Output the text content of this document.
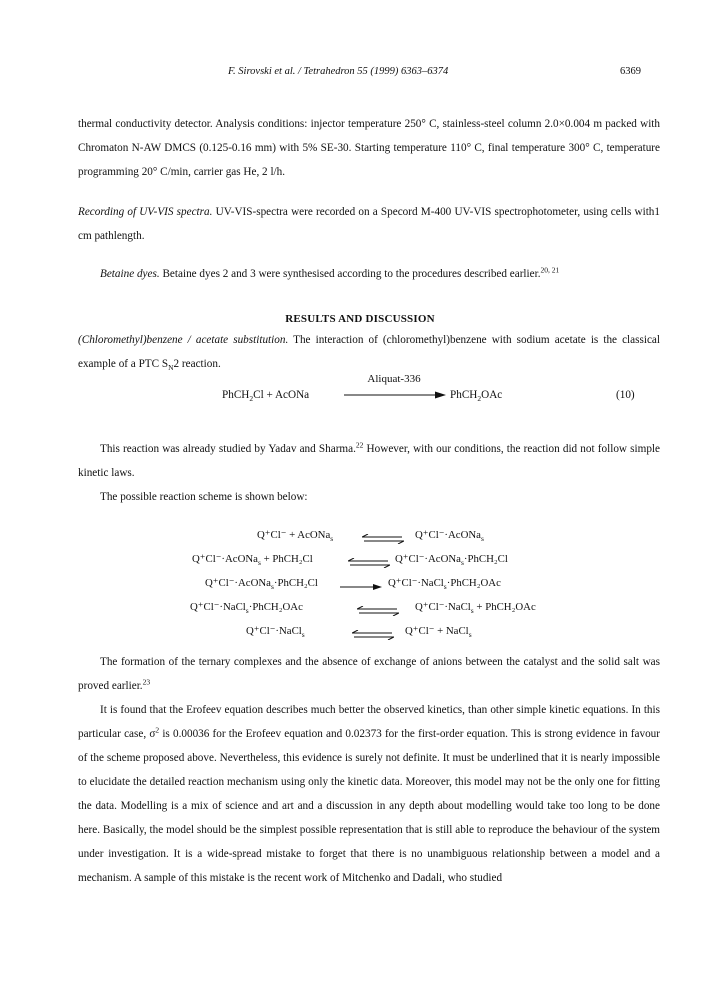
F. Sirovski et al. / Tetrahedron 55 (1999) 6363–6374	6369

thermal conductivity detector. Analysis conditions: injector temperature 250° C, stainless-steel column 2.0×0.004 m packed with Chromaton N-AW DMCS (0.125-0.16 mm) with 5% SE-30. Starting temperature 110° C, final temperature 300° C, temperature programming 20° C/min, carrier gas He, 2 l/h.

Recording of UV-VIS spectra. UV-VIS-spectra were recorded on a Specord M-400 UV-VIS spectrophotometer, using cells with1 cm pathlength.

Betaine dyes. Betaine dyes 2 and 3 were synthesised according to the procedures described earlier.$^{20, 21}$

RESULTS AND DISCUSSION

(Chloromethyl)benzene / acetate substitution. The interaction of (chloromethyl)benzene with sodium acetate is the classical example of a PTC $S_N2$ reaction.

PhCH$_2$Cl + AcONa
Aliquat-336
PhCH$_2$OAc	(10)

This reaction was already studied by Yadav and Sharma.$^{22}$ However, with our conditions, the reaction did not follow simple kinetic laws.

The possible reaction scheme is shown below:

Q⁺Cl⁻ + AcONa$_s$	⇌ Q⁺Cl⁻·AcONa$_s$
Q⁺Cl⁻·AcONa$_s$ + PhCH₂Cl	⇌ Q⁺Cl⁻·AcONa$_s$·PhCH₂Cl
Q⁺Cl⁻·AcONa$_s$·PhCH₂Cl	Q⁺Cl⁻·NaCl$_s$·PhCH₂OAc
Q⁺Cl⁻·NaCl$_s$·PhCH₂OAc	⇌ Q⁺Cl⁻·NaCl$_s$ + PhCH₂OAc
Q⁺Cl⁻·NaCl$_s$	⇌ Q⁺Cl⁻ + NaCl$_s$

The formation of the ternary complexes and the absence of exchange of anions between the catalyst and the solid salt was proved earlier.$^{23}$

It is found that the Erofeev equation describes much better the observed kinetics, than other simple kinetic equations. In this particular case, $\sigma^2$ is 0.00036 for the Erofeev equation and 0.02373 for the first-order equation. This is strong evidence in favour of the scheme proposed above. Nevertheless, this evidence is surely not definite. It must be underlined that it is nearly impossible to elucidate the detailed reaction mechanism using only the kinetic data. Moreover, this model may not be the only one for fitting the data. Modelling is a mix of science and art and a discussion in any depth about modelling would take too long to be done here. Basically, the model should be the simplest possible representation that is still able to reproduce the behaviour of the system under investigation. It is a wide-spread mistake to forget that there is no unambiguous relationship between a model and a mechanism. A sample of this mistake is the recent work of Mitchenko and Dadali, who studied
